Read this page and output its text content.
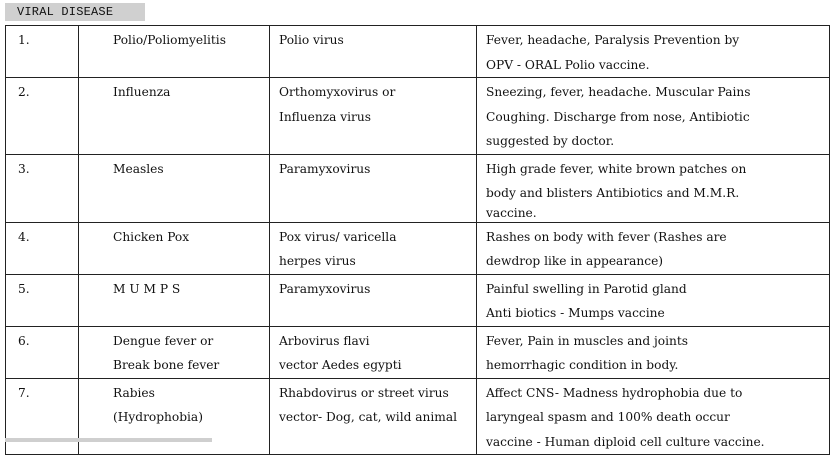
VIRAL DISEASE
1.	Polio/Poliomyelitis	Polio virus	Fever, headache, Paralysis Prevention by
OPV - ORAL Polio vaccine.

2.	Influenza	Orthomyxovirus or
Influenza virus	Sneezing, fever, headache. Muscular Pains
Coughing. Discharge from nose, Antibiotic
suggested by doctor.

3.	Measles	Paramyxovirus	High grade fever, white brown patches on
body and blisters Antibiotics and M.M.R.
vaccine.

4.	Chicken Pox	Pox virus/ varicella
herpes virus	Rashes on body with fever (Rashes are
dewdrop like in appearance)

5.	M U M P S	Paramyxovirus	Painful swelling in Parotid gland
Anti biotics - Mumps vaccine

6.	Dengue fever or
Break bone fever	Arbovirus flavi
vector Aedes egypti	Fever, Pain in muscles and joints
hemorrhagic condition in body.

7.	Rabies
(Hydrophobia)	Rhabdovirus or street virus
vector- Dog, cat, wild animal	Affect CNS- Madness hydrophobia due to
laryngeal spasm and 100% death occur
vaccine - Human diploid cell culture vaccine.
